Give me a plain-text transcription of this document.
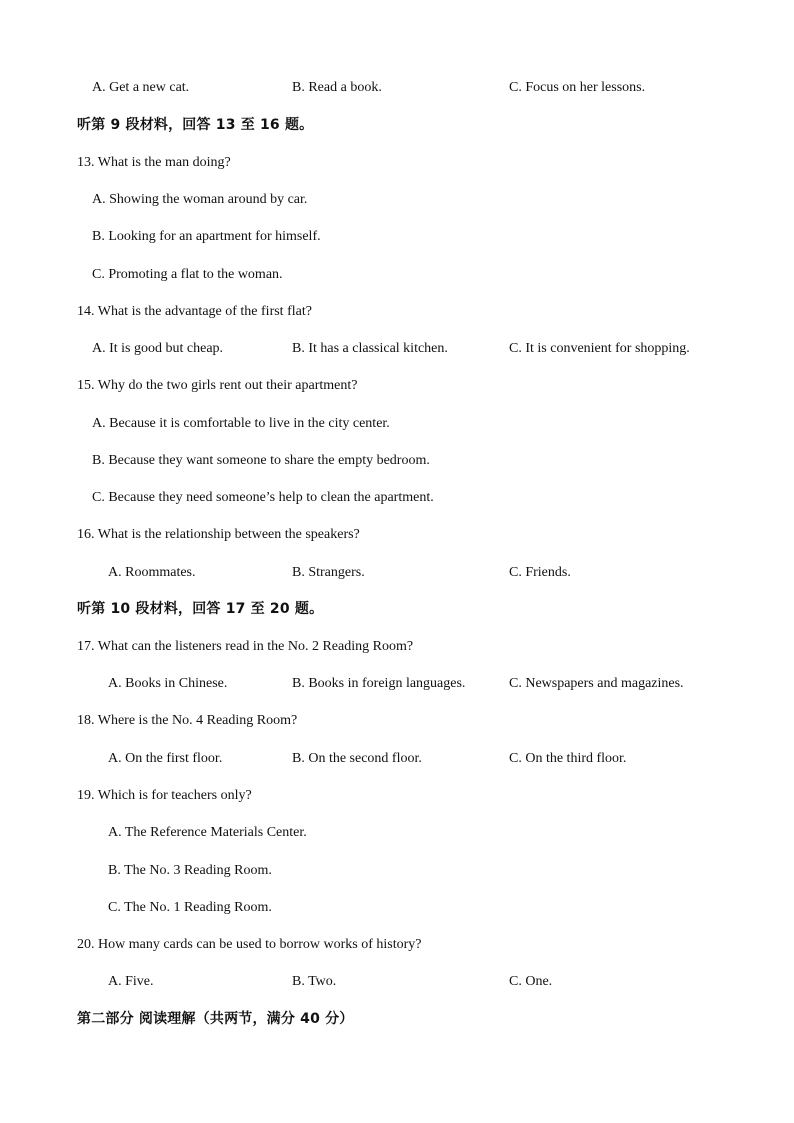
A. Get a new cat.	B. Read a book.	C. Focus on her lessons.
听第 9 段材料，回答 13 至 16 题。
13. What is the man doing?
A. Showing the woman around by car.
B. Looking for an apartment for himself.
C. Promoting a flat to the woman.
14. What is the advantage of the first flat?
A. It is good but cheap.	B. It has a classical kitchen.	C. It is convenient for shopping.
15. Why do the two girls rent out their apartment?
A. Because it is comfortable to live in the city center.
B. Because they want someone to share the empty bedroom.
C. Because they need someone’s help to clean the apartment.
16. What is the relationship between the speakers?
A. Roommates.	B. Strangers.	C. Friends.
听第 10 段材料，回答 17 至 20 题。
17. What can the listeners read in the No. 2 Reading Room?
A. Books in Chinese.	B. Books in foreign languages.	C. Newspapers and magazines.
18. Where is the No. 4 Reading Room?
A. On the first floor.	B. On the second floor.	C. On the third floor.
19. Which is for teachers only?
A. The Reference Materials Center.
B. The No. 3 Reading Room.
C. The No. 1 Reading Room.
20. How many cards can be used to borrow works of history?
A. Five.	B. Two.	C. One.
第二部分 阅读理解（共两节，满分 40 分）
